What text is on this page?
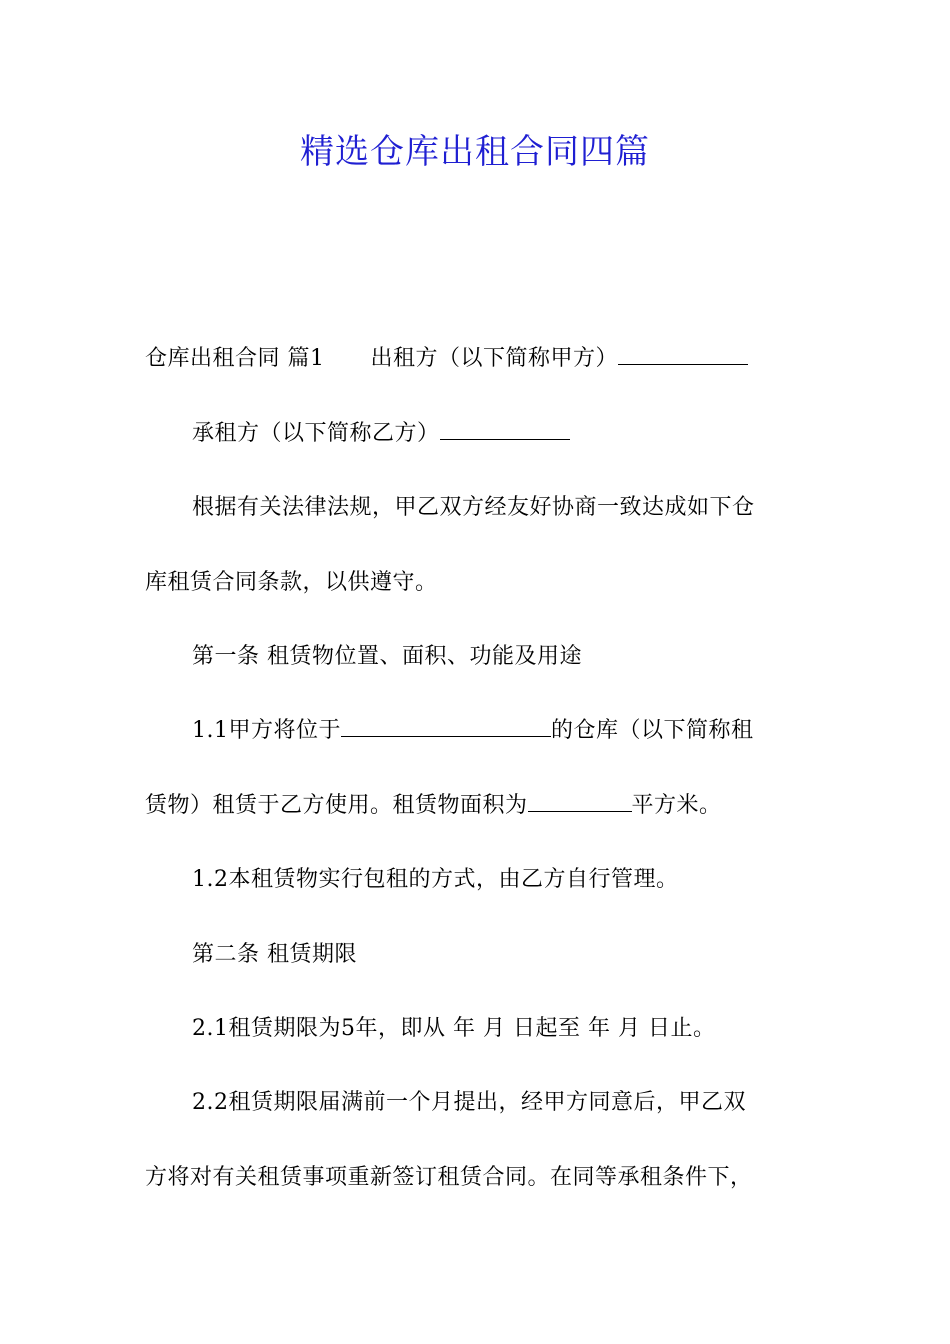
精选仓库出租合同四篇
仓库出租合同 篇1 出租方（以下简称甲方）
承租方（以下简称乙方）
根据有关法律法规，甲乙双方经友好协商一致达成如下仓
库租赁合同条款，以供遵守。
第一条 租赁物位置、面积、功能及用途
1.1甲方将位于	的仓库（以下简称租
赁物）租赁于乙方使用。租赁物面积为	平方米。
1.2本租赁物实行包租的方式，由乙方自行管理。
第二条 租赁期限
2.1租赁期限为5年，即从 年 月 日起至 年 月 日止。
2.2租赁期限届满前一个月提出，经甲方同意后，甲乙双
方将对有关租赁事项重新签订租赁合同。在同等承租条件下，
